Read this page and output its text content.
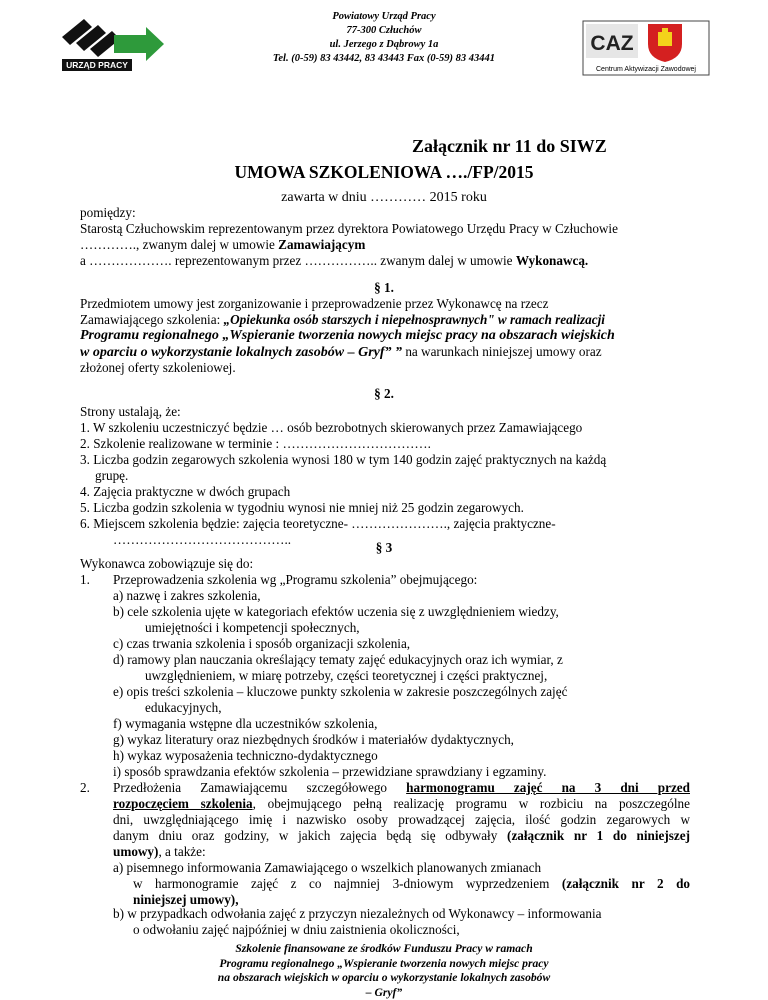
URZĄD PRACY
Powiatowy Urząd Pracy
77-300 Człuchów
ul. Jerzego z Dąbrowy 1a
Tel. (0-59) 83 43442, 83 43443 Fax (0-59) 83 43441
CAZ
Centrum Aktywizacji Zawodowej
Załącznik nr 11 do SIWZ
UMOWA SZKOLENIOWA …./FP/2015
zawarta w dniu ………… 2015 roku
pomiędzy:
Starostą Człuchowskim reprezentowanym przez dyrektora Powiatowego Urzędu Pracy w Człuchowie
…………., zwanym dalej w umowie Zamawiającym
a ………………. reprezentowanym przez …………….. zwanym dalej w umowie Wykonawcą.
§ 1.
Przedmiotem umowy jest zorganizowanie i przeprowadzenie przez Wykonawcę na rzecz
Zamawiającego szkolenia: „Opiekunka osób starszych i niepełnosprawnych" w ramach realizacji
Programu regionalnego „Wspieranie tworzenia nowych miejsc pracy na obszarach wiejskich
w oparciu o wykorzystanie lokalnych zasobów – Gryf” ” na warunkach niniejszej umowy oraz
złożonej oferty szkoleniowej.
§ 2.
Strony ustalają, że:
1. W szkoleniu uczestniczyć będzie … osób bezrobotnych skierowanych przez Zamawiającego
2. Szkolenie realizowane w terminie : …………………………….
3. Liczba godzin zegarowych szkolenia wynosi 180 w tym 140 godzin zajęć praktycznych na każdą
grupę.
4. Zajęcia praktyczne w dwóch grupach
5. Liczba godzin szkolenia w tygodniu wynosi nie mniej niż 25 godzin zegarowych.
6. Miejscem szkolenia będzie: zajęcia teoretyczne- …………………., zajęcia praktyczne-
…………………………………..
§ 3
Wykonawca zobowiązuje się do:
1. Przeprowadzenia szkolenia wg „Programu szkolenia” obejmującego:
a) nazwę i zakres szkolenia,
b) cele szkolenia ujęte w kategoriach efektów uczenia się z uwzględnieniem wiedzy,
umiejętności i kompetencji społecznych,
c) czas trwania szkolenia i sposób organizacji szkolenia,
d) ramowy plan nauczania określający tematy zajęć edukacyjnych oraz ich wymiar, z
uwzględnieniem, w miarę potrzeby, części teoretycznej i części praktycznej,
e) opis treści szkolenia – kluczowe punkty szkolenia w zakresie poszczególnych zajęć
edukacyjnych,
f) wymagania wstępne dla uczestników szkolenia,
g) wykaz literatury oraz niezbędnych środków i materiałów dydaktycznych,
h) wykaz wyposażenia techniczno-dydaktycznego
i) sposób sprawdzania efektów szkolenia – przewidziane sprawdziany i egzaminy.
2. Przedłożenia Zamawiającemu szczegółowego harmonogramu zajęć na 3 dni przed
rozpoczęciem szkolenia, obejmującego pełną realizację programu w rozbiciu na poszczególne
dni, uwzględniającego imię i nazwisko osoby prowadzącej zajęcia, ilość godzin zegarowych w
danym dniu oraz godziny, w jakich zajęcia będą się odbywały (załącznik nr 1 do niniejszej
umowy), a także:
a) pisemnego informowania Zamawiającego o wszelkich planowanych zmianach
w harmonogramie zajęć z co najmniej 3-dniowym wyprzedzeniem (załącznik nr 2 do
niniejszej umowy),
b) w przypadkach odwołania zajęć z przyczyn niezależnych od Wykonawcy – informowania
o odwołaniu zajęć najpóźniej w dniu zaistnienia okoliczności,
Szkolenie finansowane ze środków Funduszu Pracy w ramach
Programu regionalnego „Wspieranie tworzenia nowych miejsc pracy
na obszarach wiejskich w oparciu o wykorzystanie lokalnych zasobów
– Gryf”
